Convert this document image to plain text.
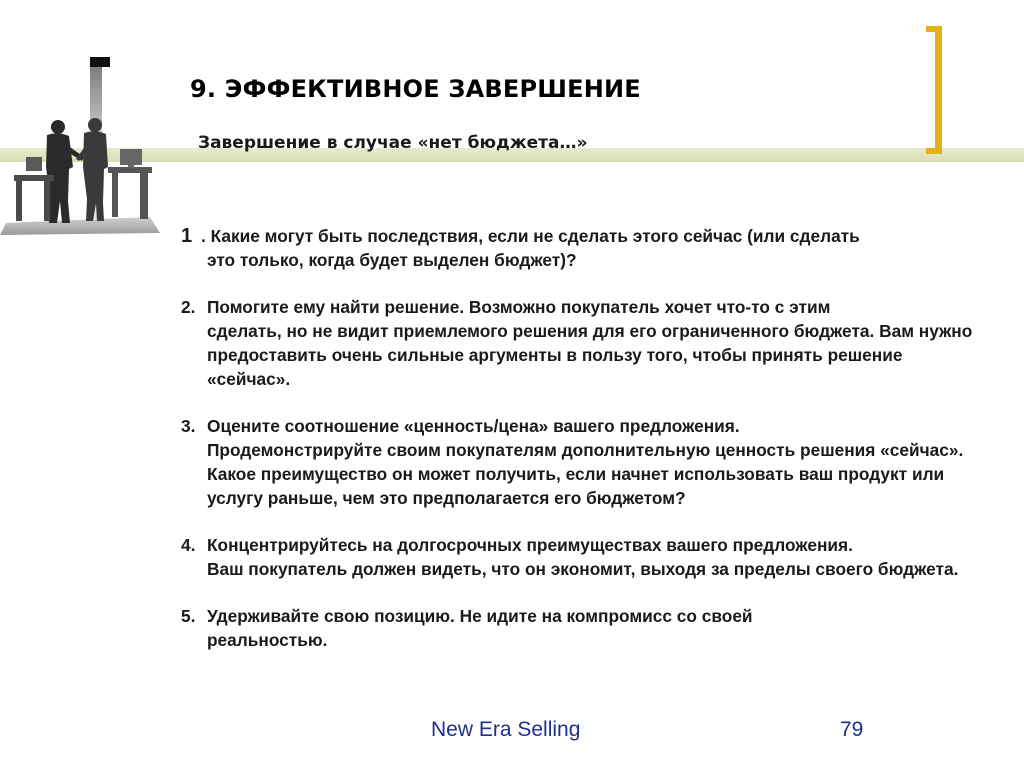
9. ЭФФЕКТИВНОЕ ЗАВЕРШЕНИЕ
Завершение в случае «нет бюджета…»
1 . Какие могут быть последствия, если не сделать этого сейчас (или сделать
это только, когда будет выделен бюджет)?
2. Помогите ему найти решение. Возможно покупатель хочет что-то с этим
сделать, но не видит приемлемого решения для его ограниченного бюджета. Вам нужно предоставить очень сильные аргументы в пользу того, чтобы принять решение «сейчас».
3. Оцените соотношение «ценность/цена» вашего предложения.
Продемонстрируйте своим покупателям дополнительную ценность решения «сейчас». Какое преимущество он может получить, если начнет использовать ваш продукт или услугу раньше, чем это предполагается его бюджетом?
4. Концентрируйтесь на долгосрочных преимуществах вашего предложения.
Ваш покупатель должен видеть, что он экономит, выходя за пределы своего бюджета.
5. Удерживайте свою позицию. Не идите на компромисс со своей
реальностью.
New Era Selling	79
